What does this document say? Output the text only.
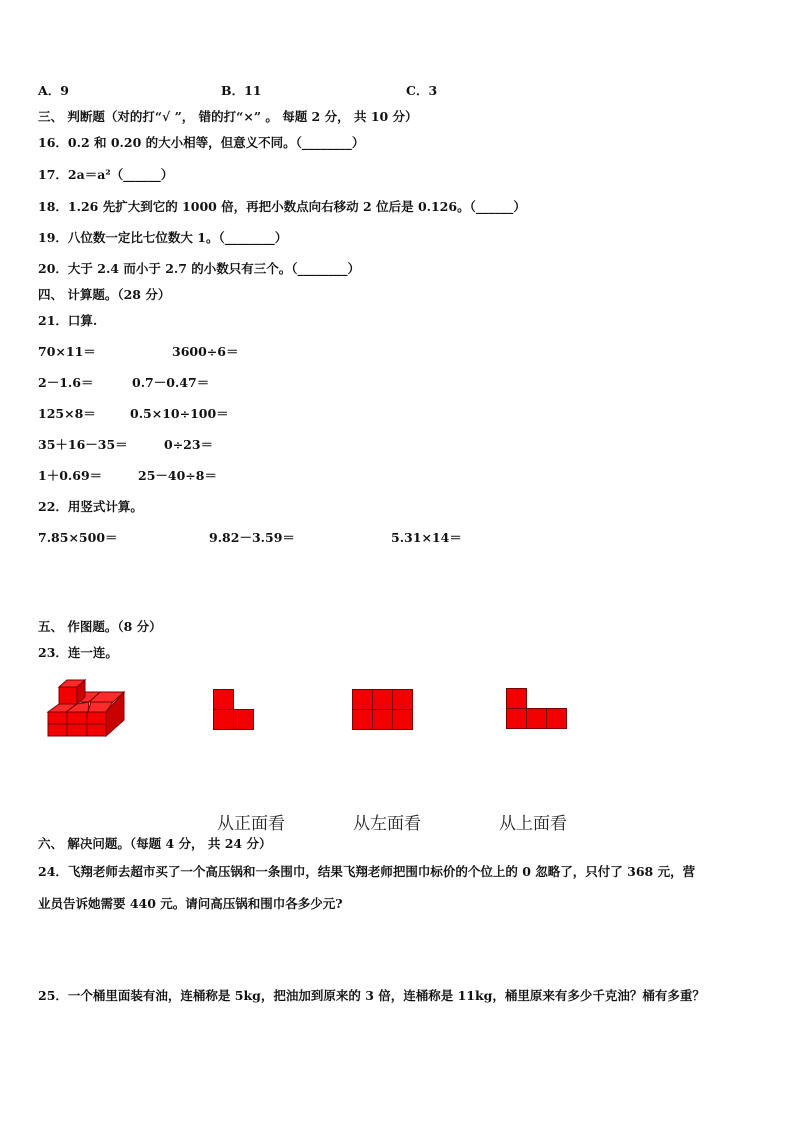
A．9	B．11	C．3
三、 判断题（对的打“√ ”， 错的打“×” 。 每题 2 分， 共 10 分）
16．0.2 和 0.20 的大小相等，但意义不同。（________）
17．2a＝a²（______）
18．1.26 先扩大到它的 1000 倍，再把小数点向右移动 2 位后是 0.126。（______）
19．八位数一定比七位数大 1。（________）
20．大于 2.4 而小于 2.7 的小数只有三个。（________）
四、 计算题。（28 分）
21．口算.
70×11＝	3600÷6＝
2－1.6＝	0.7－0.47＝
125×8＝	0.5×10÷100＝
35＋16－35＝	0÷23＝
1＋0.69＝	25－40÷8＝
22．用竖式计算。
7.85×500＝	9.82－3.59＝	5.31×14＝
五、 作图题。（8 分）
23．连一连。
从正面看	从左面看	从上面看
六、 解决问题。（每题 4 分， 共 24 分）
24．飞翔老师去超市买了一个高压锅和一条围巾，结果飞翔老师把围巾标价的个位上的 0 忽略了，只付了 368 元，营
业员告诉她需要 440 元。请问高压锅和围巾各多少元?
25．一个桶里面装有油，连桶称是 5kg，把油加到原来的 3 倍，连桶称是 11kg，桶里原来有多少千克油？桶有多重？
